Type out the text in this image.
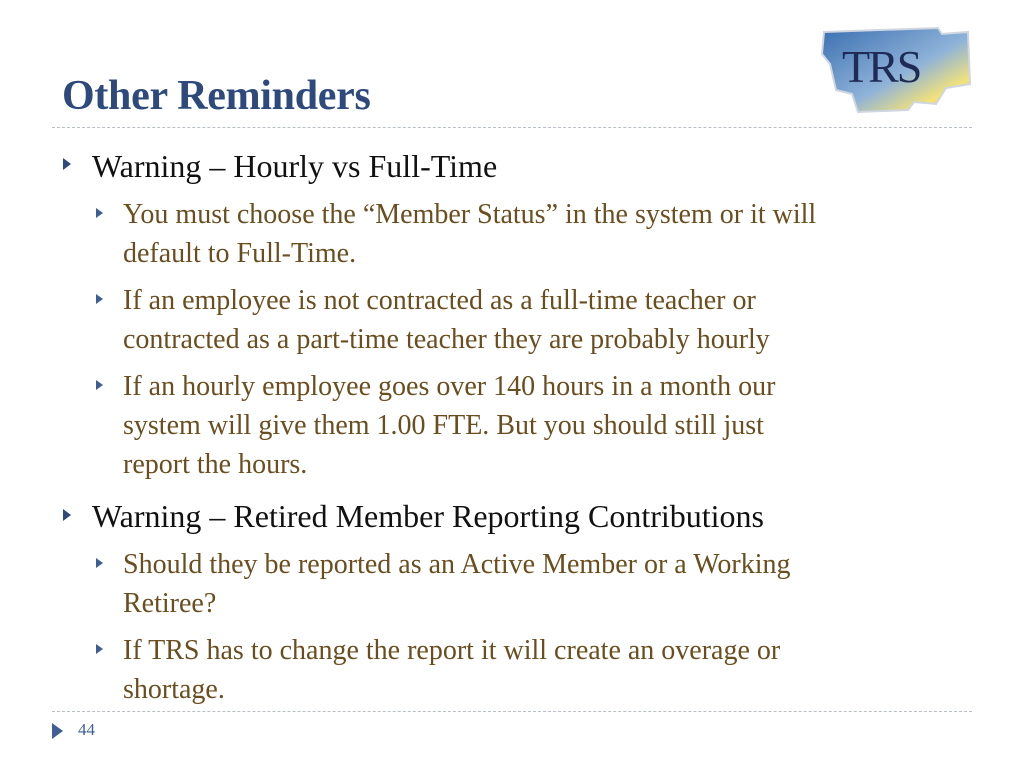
Other Reminders
TRS
Warning – Hourly vs Full-Time
You must choose the “Member Status” in the system or it will
default to Full-Time.
If an employee is not contracted as a full-time teacher or
contracted as a part-time teacher they are probably hourly
If an hourly employee goes over 140 hours in a month our
system will give them 1.00 FTE. But you should still just
report the hours.
Warning – Retired Member Reporting Contributions
Should they be reported as an Active Member or a Working
Retiree?
If TRS has to change the report it will create an overage or
shortage.
44
